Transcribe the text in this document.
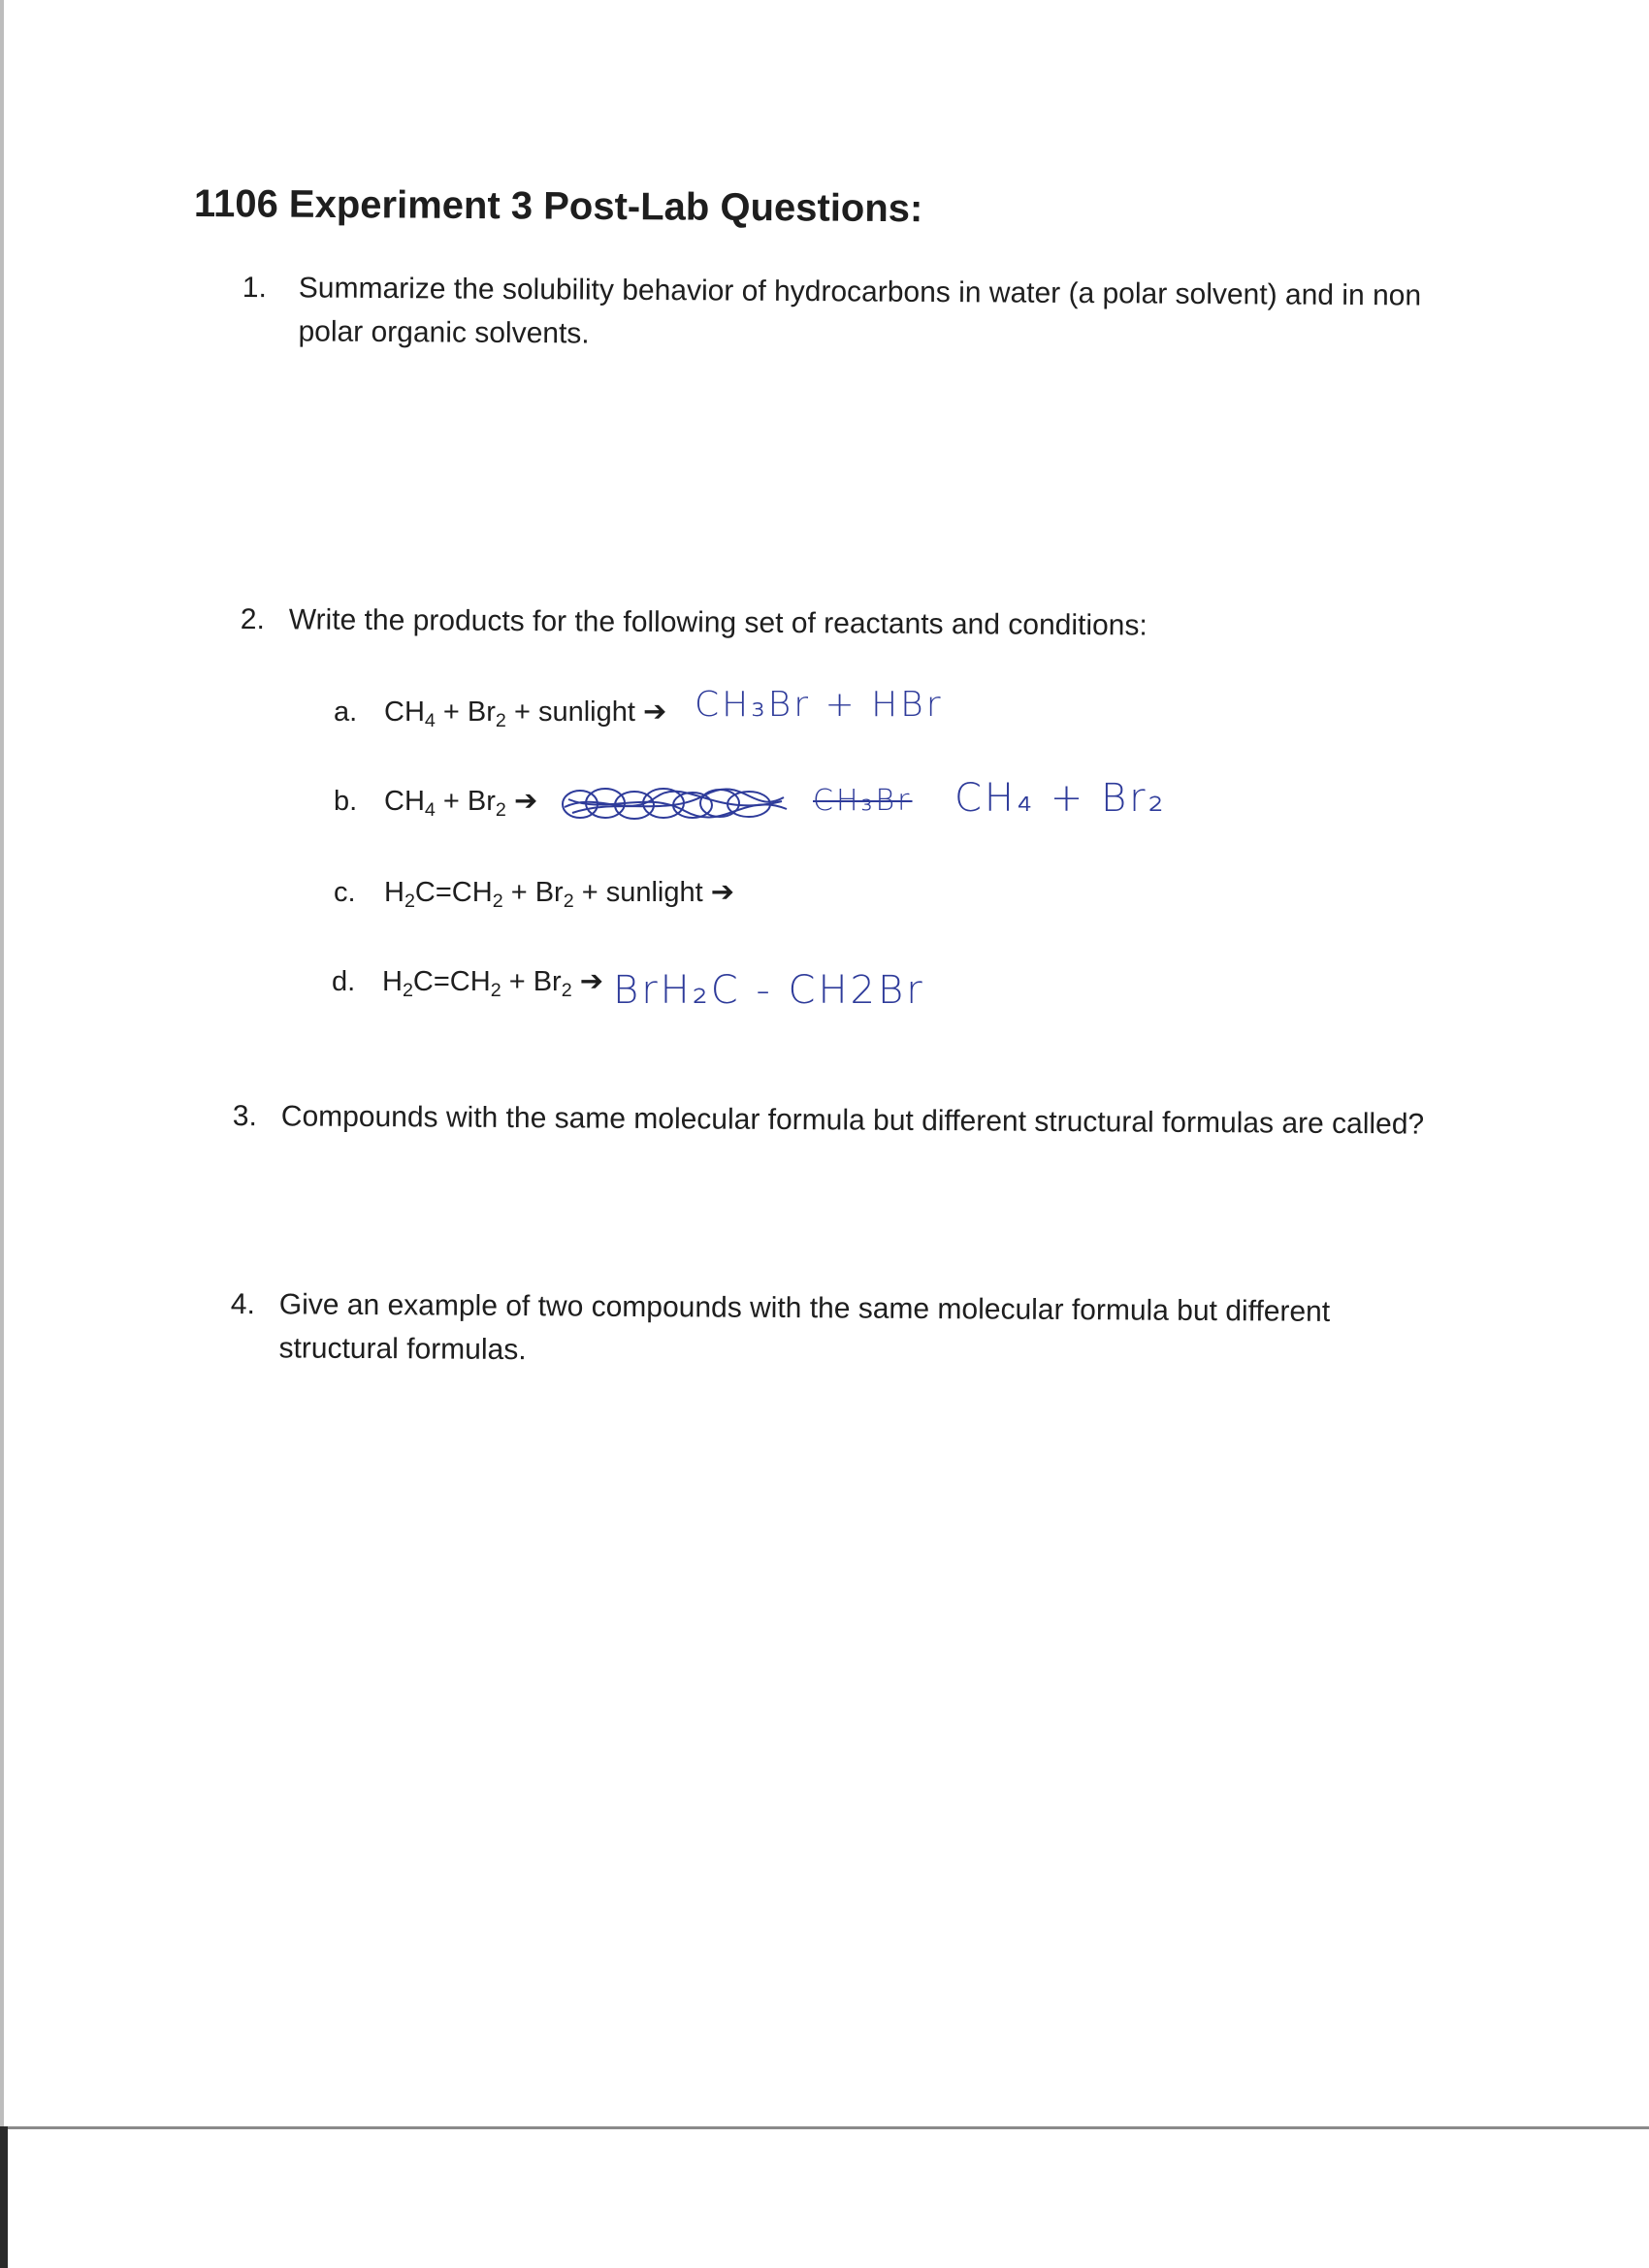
1106 Experiment 3 Post-Lab Questions:
1. Summarize the solubility behavior of hydrocarbons in water (a polar solvent) and in non polar organic solvents.
2. Write the products for the following set of reactants and conditions:
a. $CH_4 + Br_2$ + sunlight ➔ CH₃Br + HBr
b. $CH_4 + Br_2$ ➔	CH₃Br CH₄ + Br₂
c. $H_2C=CH_2 + Br_2$ + sunlight ➔
d. $H_2C=CH_2 + Br_2$ ➔ BrH₂C - CH2Br
3. Compounds with the same molecular formula but different structural formulas are called?
4. Give an example of two compounds with the same molecular formula but different structural formulas.
